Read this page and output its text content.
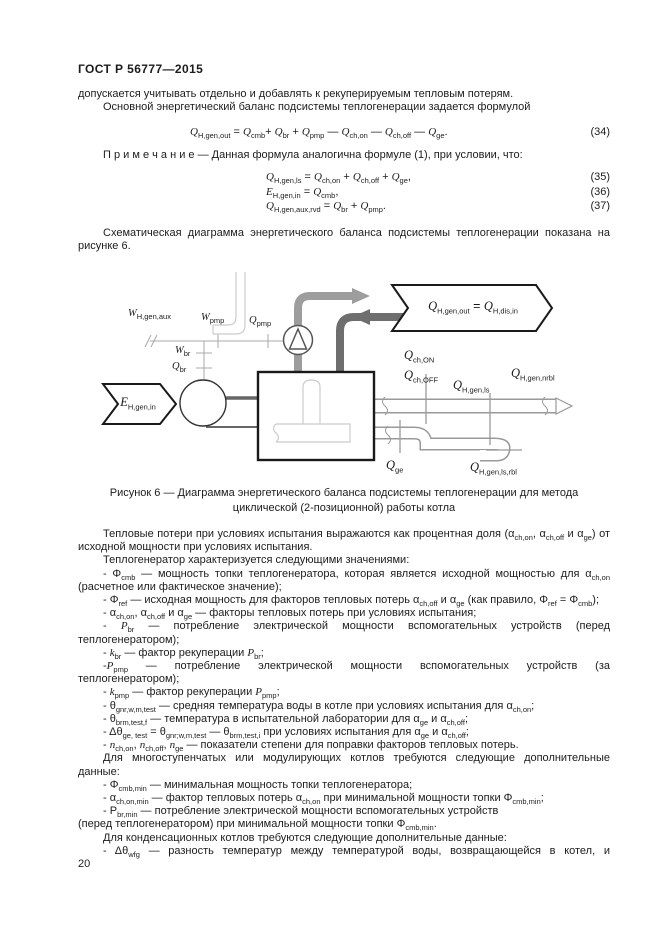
ГОСТ Р 56777—2015

допускается учитывать отдельно и добавлять к рекуперируемым тепловым потерям.

Основной энергетический баланс подсистемы теплогенерации задается формулой

$Q_{H,gen,out} = Q_{cmb}+ Q_{br} + Q_{pmp}$ — $Q_{ch,on}$ — $Q_{ch,off}$ — $Q_{ge}$.	(34)

П р и м е ч а н и е — Данная формула аналогична формуле (1), при условии, что:

$Q_{H,gen,ls} = Q_{ch,on} + Q_{ch,off} + Q_{ge}$,	(35)
$E_{H,gen,in} = Q_{cmb}$,	(36)
$Q_{H,gen,aux,rvd} = Q_{br} + Q_{pmp}$.	(37)

Схематическая диаграмма энергетического баланса подсистемы теплогенерации показана на

рисунке 6.

$W_{H,gen,aux}$	$W_{pmp}$ $Q_{pmp}$
$W_{br}$
$Q_{br}$
$E_{H,gen,in}$
$Q_{H,gen,out} = Q_{H,dis,in}$
$Q_{ch,ON}$
$Q_{ch,OFF}$ $Q_{H,gen,ls}$
$Q_{H,gen,nrbl}$
$Q_{ge}$	$Q_{H,gen,ls,rbl}$
Рисунок 6 — Диаграмма энергетического баланса подсистемы теплогенерации для метода
циклической (2-позиционной) работы котла

Тепловые потери при условиях испытания выражаются как процентная доля ($\alpha_{ch,on}$, $\alpha_{ch,off}$ и $\alpha_{ge}$) от

исходной мощности при условиях испытания.

Теплогенератор характеризуется следующими значениями:

- $\Phi_{cmb}$ — мощность топки теплогенератора, которая является исходной мощностью для $\alpha_{ch,on}$

(расчетное или фактическое значение);

- $\Phi_{ref}$ — исходная мощность для факторов тепловых потерь $\alpha_{ch,off}$ и $\alpha_{ge}$ (как правило, $\Phi_{ref} = \Phi_{cmb}$);

- $\alpha_{ch,on}$, $\alpha_{ch,off}$ и $\alpha_{ge}$ — факторы тепловых потерь при условиях испытания;

- $P_{br}$ — потребление электрической мощности вспомогательных устройств (перед

теплогенератором);

- $k_{br}$ — фактор рекуперации $P_{br}$;

$-P_{pmp}$ — потребление электрической мощности вспомогательных устройств (за

теплогенератором);

- $k_{pmp}$ — фактор рекуперации $P_{pmp}$;

- $\theta_{gnr,w,m,test}$ — средняя температура воды в котле при условиях испытания для $\alpha_{ch,on}$;

- $\theta_{brm,test,f}$ — температура в испытательной лаборатории для $\alpha_{ge}$ и $\alpha_{ch,off}$;

- $\Delta\theta_{ge, test} = \theta_{gnr;w,m,test}$ — $\theta_{brm,test,i}$ при условиях испытания для $\alpha_{ge}$ и $\alpha_{ch,off}$;

- $n_{ch,on}$, $n_{ch,off}$, $n_{ge}$ — показатели степени для поправки факторов тепловых потерь.

Для многоступенчатых или модулирующих котлов требуются следующие дополнительные

данные:

- $\Phi_{cmb,min}$ — минимальная мощность топки теплогенератора;

- $\alpha_{ch,on,min}$ — фактор тепловых потерь $\alpha_{ch,on}$ при минимальной мощности топки $\Phi_{cmb,min}$;

- $P_{br,min}$ — потребление электрической мощности вспомогательных устройств

(перед теплогенератором) при минимальной мощности топки $\Phi_{cmb,min}$.

Для конденсационных котлов требуются следующие дополнительные данные:

- $\Delta\theta_{wfg}$ — разность температур между температурой воды, возвращающейся в котел, и

20
